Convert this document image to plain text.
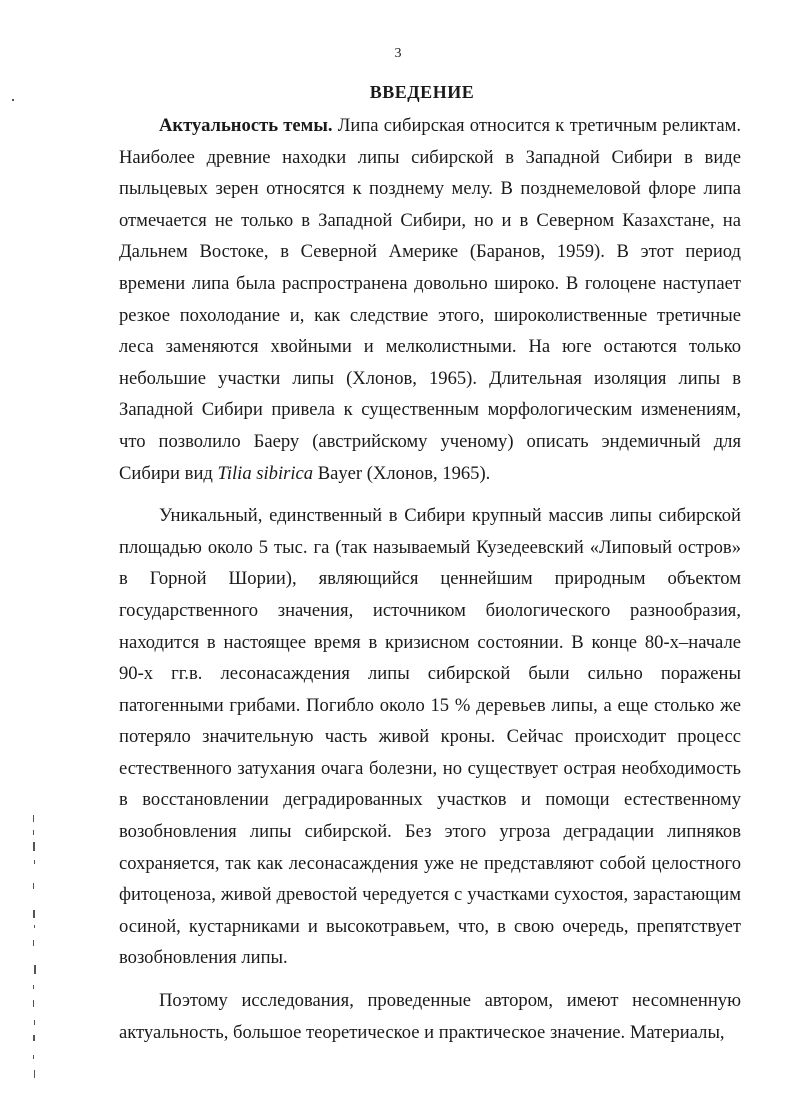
3
ВВЕДЕНИЕ

Актуальность темы. Липа сибирская относится к третичным реликтам. Наиболее древние находки липы сибирской в Западной Сибири в виде пыльцевых зерен относятся к позднему мелу. В позднемеловой флоре липа отмечается не только в Западной Сибири, но и в Северном Казахстане, на Дальнем Востоке, в Северной Америке (Баранов, 1959). В этот период времени липа была распространена довольно широко. В голоцене наступает резкое похолодание и, как следствие этого, широколиственные третичные леса заменяются хвойными и мелколистными. На юге остаются только небольшие участки липы (Хлонов, 1965). Длительная изоляция липы в Западной Сибири привела к существенным морфологическим изменениям, что позволило Баеру (австрийскому ученому) описать эндемичный для Сибири вид Tilia sibirica Bayer (Хлонов, 1965).

Уникальный, единственный в Сибири крупный массив липы сибирской площадью около 5 тыс. га (так называемый Кузедеевский «Липовый остров» в Горной Шории), являющийся ценнейшим природным объектом государственного значения, источником биологического разнообразия, находится в настоящее время в кризисном состоянии. В конце 80-х–начале 90-х гг.в. лесонасаждения липы сибирской были сильно поражены патогенными грибами. Погибло около 15 % деревьев липы, а еще столько же потеряло значительную часть живой кроны. Сейчас происходит процесс естественного затухания очага болезни, но существует острая необходимость в восстановлении деградированных участков и помощи естественному возобновления липы сибирской. Без этого угроза деградации липняков сохраняется, так как лесонасаждения уже не представляют собой целостного фитоценоза, живой древостой чередуется с участками сухостоя, зарастающим осиной, кустарниками и высокотравьем, что, в свою очередь, препятствует возобновления липы.

Поэтому исследования, проведенные автором, имеют несомненную актуальность, большое теоретическое и практическое значение. Материалы,
